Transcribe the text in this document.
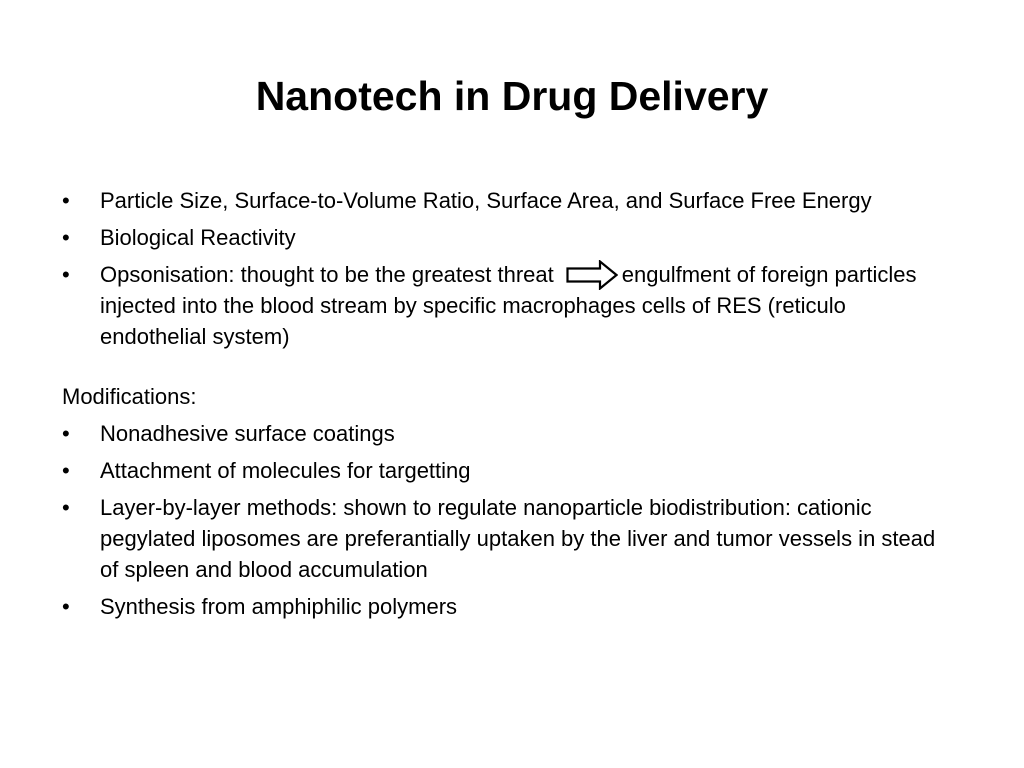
Nanotech in Drug Delivery
• Particle Size, Surface-to-Volume Ratio, Surface Area, and Surface Free Energy
• Biological Reactivity
• Opsonisation: thought to be the greatest threat	engulfment of foreign particles injected into the blood stream by specific macrophages cells of RES (reticulo endothelial system)
Modifications:
• Nonadhesive surface coatings
• Attachment of molecules for targetting
• Layer-by-layer methods: shown to regulate nanoparticle biodistribution: cationic pegylated liposomes are preferantially uptaken by the liver and tumor vessels in stead of spleen and blood accumulation
• Synthesis from amphiphilic polymers
